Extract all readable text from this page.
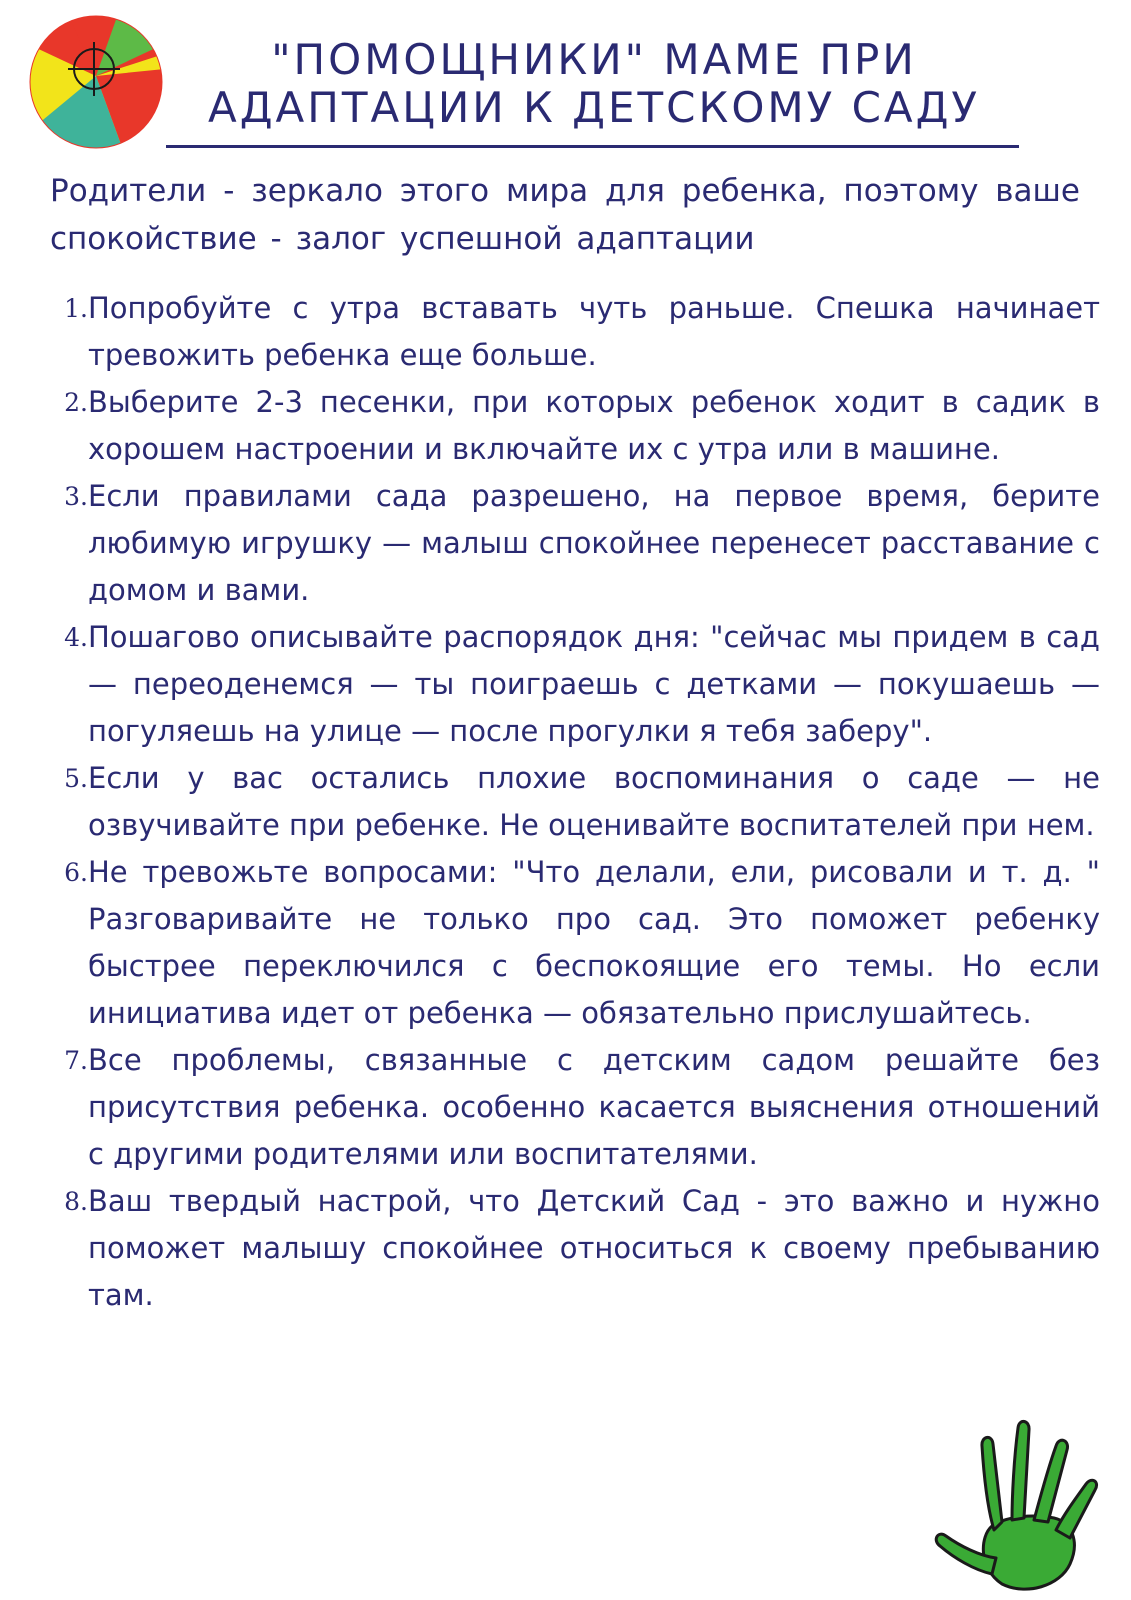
"ПОМОЩНИКИ" МАМЕ ПРИ
АДАПТАЦИИ К ДЕТСКОМУ САДУ

Родители - зеркало этого мира для ребенка, поэтому ваше спокойствие - залог успешной адаптации

1. Попробуйте с утра вставать чуть раньше. Спешка начинает тревожить ребенка еще больше.
2. Выберите 2-3 песенки, при которых ребенок ходит в садик в хорошем настроении и включайте их с утра или в машине.
3. Если правилами сада разрешено, на первое время, берите любимую игрушку — малыш спокойнее перенесет расставание с домом и вами.
4. Пошагово описывайте распорядок дня: "сейчас мы придем в сад — переоденемся — ты поиграешь с детками — покушаешь — погуляешь на улице — после прогулки я тебя заберу".
5. Если у вас остались плохие воспоминания о саде — не озвучивайте при ребенке. Не оценивайте воспитателей при нем.
6. Не тревожьте вопросами: "Что делали, ели, рисовали и т. д. " Разговаривайте не только про сад. Это поможет ребенку быстрее переключился с беспокоящие его темы. Но если инициатива идет от ребенка — обязательно прислушайтесь.
7. Все проблемы, связанные с детским садом решайте без присутствия ребенка. особенно касается выяснения отношений с другими родителями или воспитателями.
8. Ваш твердый настрой, что Детский Сад - это важно и нужно поможет малышу спокойнее относиться к своему пребыванию там.
